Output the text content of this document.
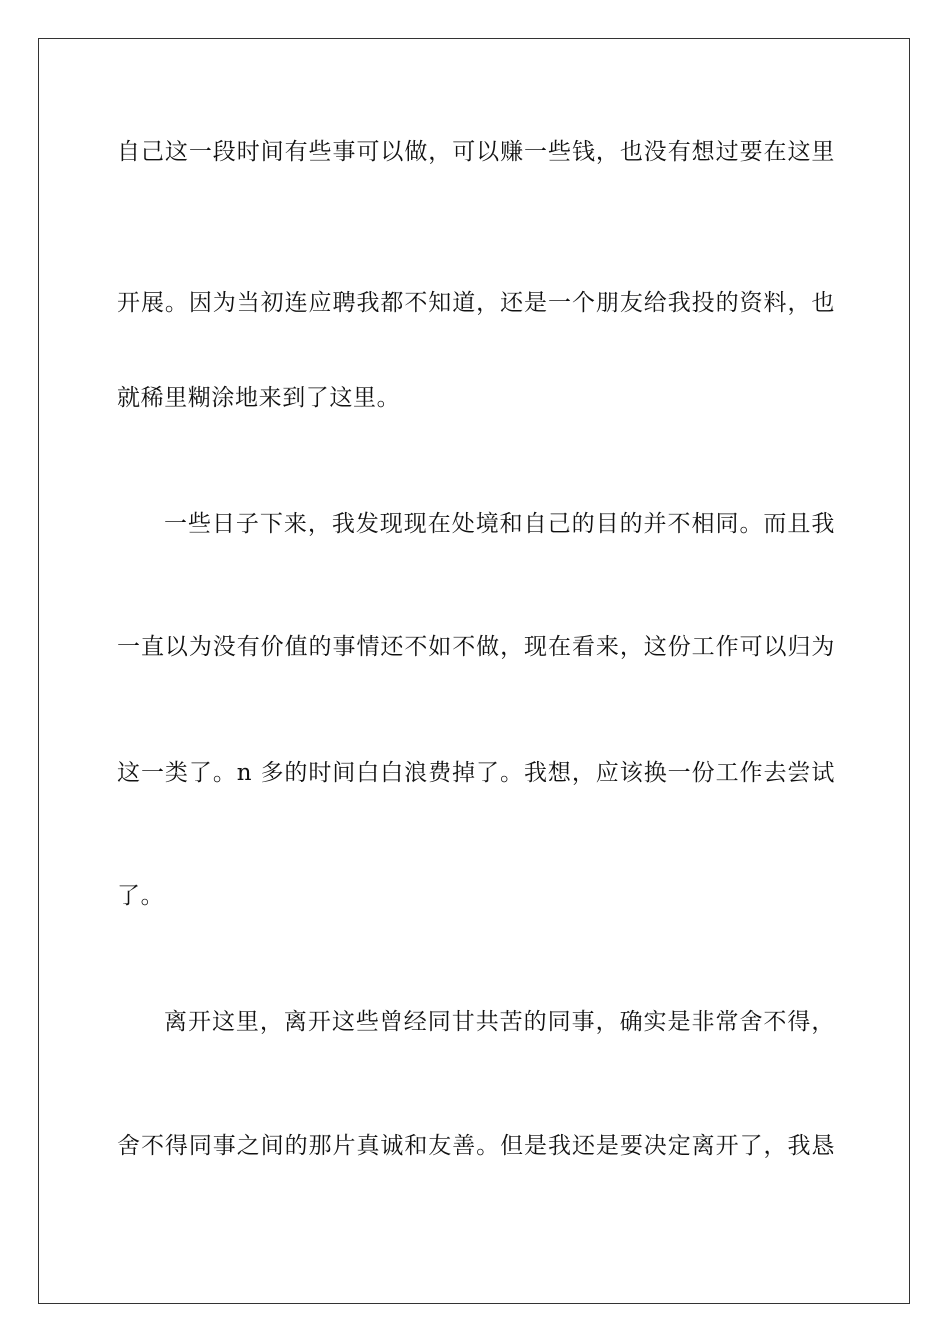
自己这一段时间有些事可以做，可以赚一些钱，也没有想过要在这里
开展。因为当初连应聘我都不知道，还是一个朋友给我投的资料，也
就稀里糊涂地来到了这里。
一些日子下来，我发现现在处境和自己的目的并不相同。而且我
一直以为没有价值的事情还不如不做，现在看来，这份工作可以归为
这一类了。n 多的时间白白浪费掉了。我想，应该换一份工作去尝试
了。
离开这里，离开这些曾经同甘共苦的同事，确实是非常舍不得，
舍不得同事之间的那片真诚和友善。但是我还是要决定离开了，我恳
